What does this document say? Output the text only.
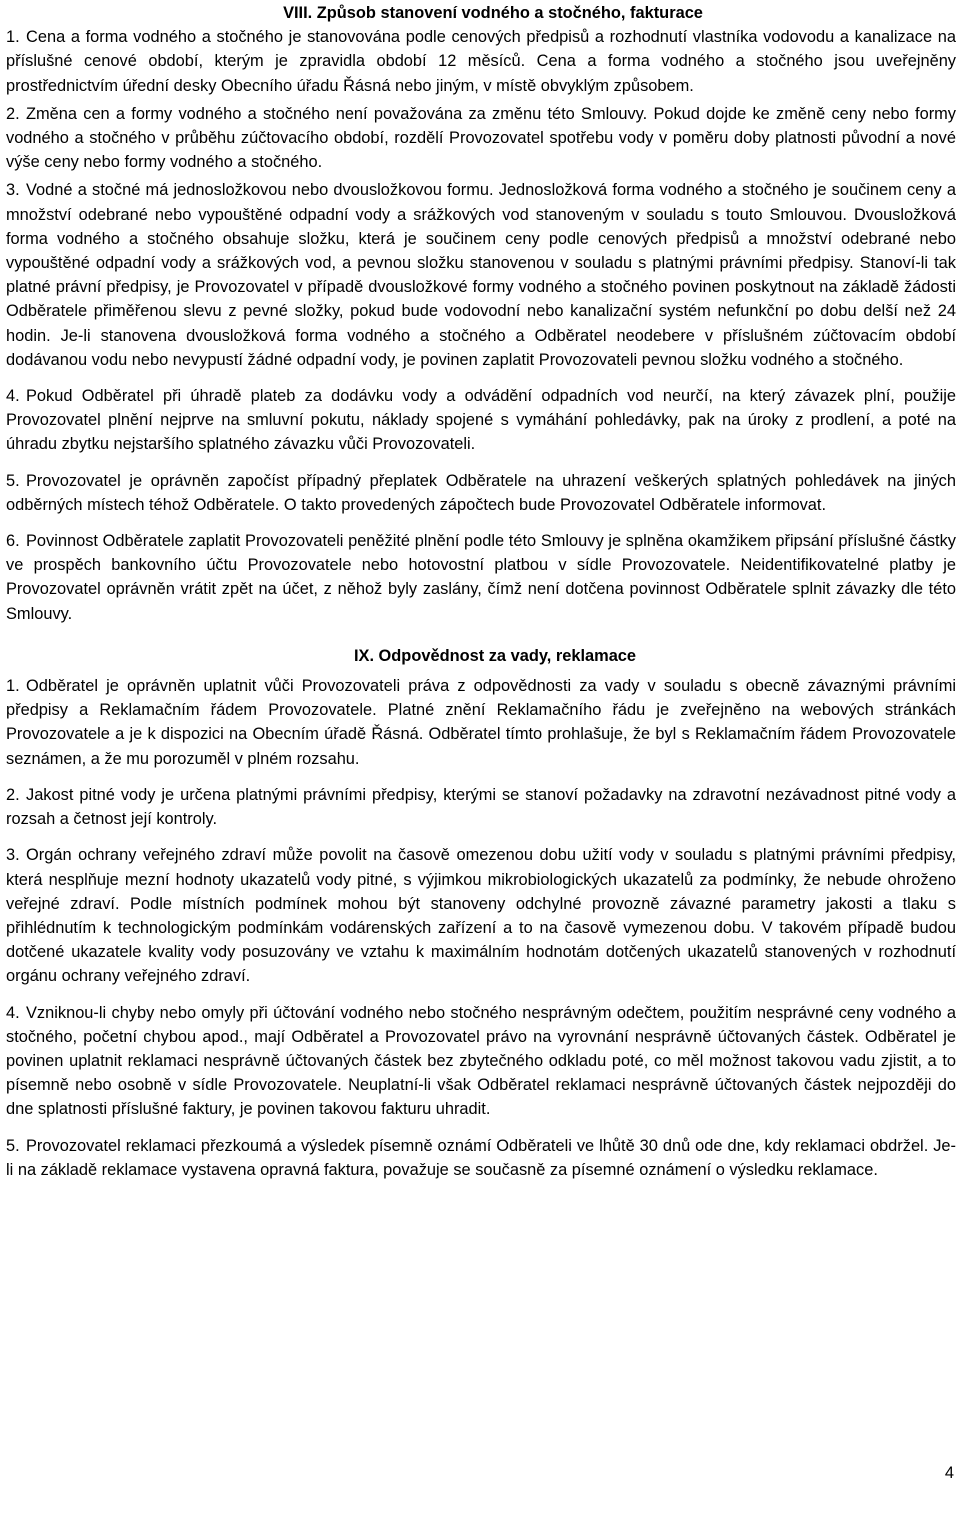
VIII. Způsob stanovení vodného a stočného, fakturace
1. Cena a forma vodného a stočného je stanovována podle cenových předpisů a rozhodnutí vlastníka vodovodu a kanalizace na příslušné cenové období, kterým je zpravidla období 12 měsíců. Cena a forma vodného a stočného jsou uveřejněny prostřednictvím úřední desky Obecního úřadu Řásná nebo jiným, v místě obvyklým způsobem.
2. Změna cen a formy vodného a stočného není považována za změnu této Smlouvy. Pokud dojde ke změně ceny nebo formy vodného a stočného v průběhu zúčtovacího období, rozdělí Provozovatel spotřebu vody v poměru doby platnosti původní a nové výše ceny nebo formy vodného a stočného.
3. Vodné a stočné má jednosložkovou nebo dvousložkovou formu. Jednosložková forma vodného a stočného je součinem ceny a množství odebrané nebo vypouštěné odpadní vody a srážkových vod stanoveným v souladu s touto Smlouvou. Dvousložková forma vodného a stočného obsahuje složku, která je součinem ceny podle cenových předpisů a množství odebrané nebo vypouštěné odpadní vody a srážkových vod, a pevnou složku stanovenou v souladu s platnými právními předpisy. Stanoví-li tak platné právní předpisy, je Provozovatel v případě dvousložkové formy vodného a stočného povinen poskytnout na základě žádosti Odběratele přiměřenou slevu z pevné složky, pokud bude vodovodní nebo kanalizační systém nefunkční po dobu delší než 24 hodin. Je-li stanovena dvousložková forma vodného a stočného a Odběratel neodebere v příslušném zúčtovacím období dodávanou vodu nebo nevypustí žádné odpadní vody, je povinen zaplatit Provozovateli pevnou složku vodného a stočného.
4. Pokud Odběratel při úhradě plateb za dodávku vody a odvádění odpadních vod neurčí, na který závazek plní, použije Provozovatel plnění nejprve na smluvní pokutu, náklady spojené s vymáhání pohledávky, pak na úroky z prodlení, a poté na úhradu zbytku nejstaršího splatného závazku vůči Provozovateli.
5. Provozovatel je oprávněn započíst případný přeplatek Odběratele na uhrazení veškerých splatných pohledávek na jiných odběrných místech téhož Odběratele. O takto provedených zápočtech bude Provozovatel Odběratele informovat.
6. Povinnost Odběratele zaplatit Provozovateli peněžité plnění podle této Smlouvy je splněna okamžikem připsání příslušné částky ve prospěch bankovního účtu Provozovatele nebo hotovostní platbou v sídle Provozovatele. Neidentifikovatelné platby je Provozovatel oprávněn vrátit zpět na účet, z něhož byly zaslány, čímž není dotčena povinnost Odběratele splnit závazky dle této Smlouvy.
IX. Odpovědnost za vady, reklamace
1. Odběratel je oprávněn uplatnit vůči Provozovateli práva z odpovědnosti za vady v souladu s obecně závaznými právními předpisy a Reklamačním řádem Provozovatele. Platné znění Reklamačního řádu je zveřejněno na webových stránkách Provozovatele a je k dispozici na Obecním úřadě Řásná. Odběratel tímto prohlašuje, že byl s Reklamačním řádem Provozovatele seznámen, a že mu porozuměl v plném rozsahu.
2. Jakost pitné vody je určena platnými právními předpisy, kterými se stanoví požadavky na zdravotní nezávadnost pitné vody a rozsah a četnost její kontroly.
3. Orgán ochrany veřejného zdraví může povolit na časově omezenou dobu užití vody v souladu s platnými právními předpisy, která nesplňuje mezní hodnoty ukazatelů vody pitné, s výjimkou mikrobiologických ukazatelů za podmínky, že nebude ohroženo veřejné zdraví. Podle místních podmínek mohou být stanoveny odchylné provozně závazné parametry jakosti a tlaku s přihlédnutím k technologickým podmínkám vodárenských zařízení a to na časově vymezenou dobu. V takovém případě budou dotčené ukazatele kvality vody posuzovány ve vztahu k maximálním hodnotám dotčených ukazatelů stanovených v rozhodnutí orgánu ochrany veřejného zdraví.
4. Vzniknou-li chyby nebo omyly při účtování vodného nebo stočného nesprávným odečtem, použitím nesprávné ceny vodného a stočného, početní chybou apod., mají Odběratel a Provozovatel právo na vyrovnání nesprávně účtovaných částek. Odběratel je povinen uplatnit reklamaci nesprávně účtovaných částek bez zbytečného odkladu poté, co měl možnost takovou vadu zjistit, a to písemně nebo osobně v sídle Provozovatele. Neuplatní-li však Odběratel reklamaci nesprávně účtovaných částek nejpozději do dne splatnosti příslušné faktury, je povinen takovou fakturu uhradit.
5. Provozovatel reklamaci přezkoumá a výsledek písemně oznámí Odběrateli ve lhůtě 30 dnů ode dne, kdy reklamaci obdržel. Je-li na základě reklamace vystavena opravná faktura, považuje se současně za písemné oznámení o výsledku reklamace.
4
